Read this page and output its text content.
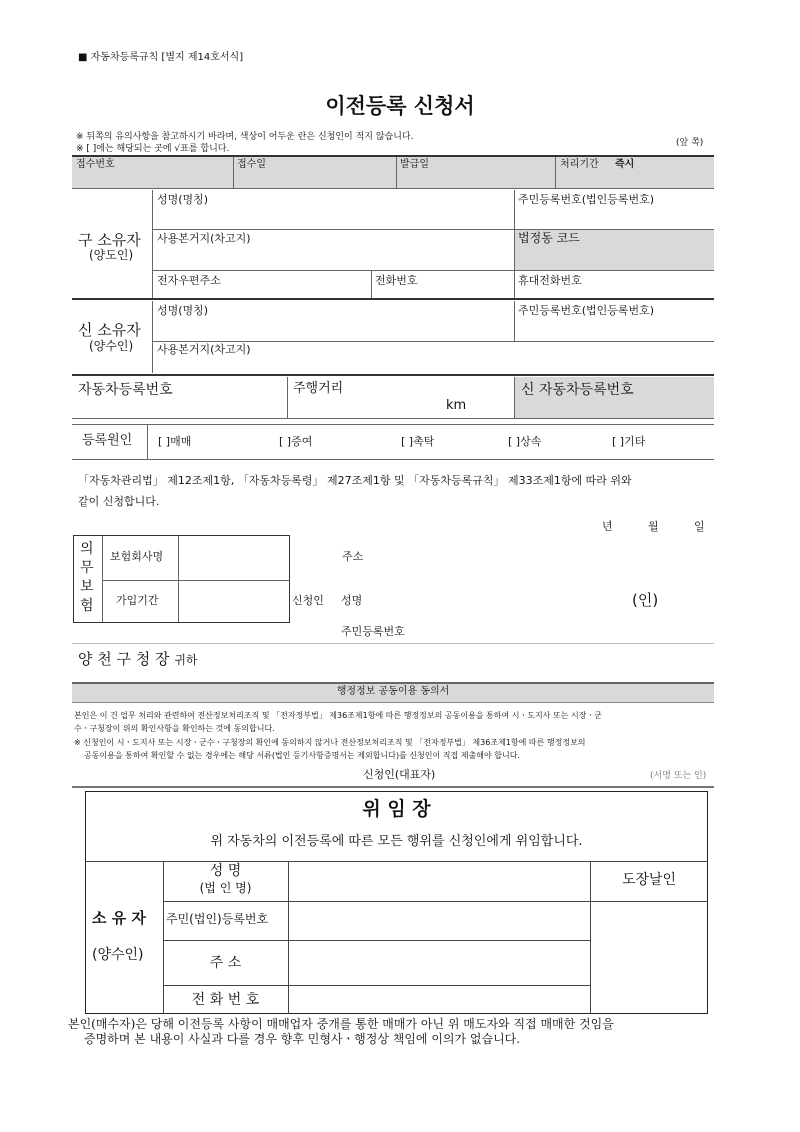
■ 자동차등록규칙 [별지 제14호서식]
이전등록 신청서
※ 뒤쪽의 유의사항을 참고하시기 바라며, 색상이 어두운 란은 신청인이 적지 않습니다.
※ [ ]에는 해당되는 곳에 √표를 합니다.
(앞 쪽)
접수번호	접수일	발급일	처리기간 즉시
구 소유자
(양도인)
성명(명칭)	주민등록번호(법인등록번호)
사용본거지(차고지)	법정동 코드
전자우편주소	전화번호	휴대전화번호
신 소유자
(양수인)
성명(명칭)	주민등록번호(법인등록번호)
사용본거지(차고지)
자동차등록번호	주행거리
km
신 자동차등록번호
등록원인 [ ]매매	[ ]증여	[ ]촉탁	[ ]상속	[ ]기타
「자동차관리법」 제12조제1항, 「자동차등록령」 제27조제1항 및 「자동차등록규칙」 제33조제1항에 따라 위와
같이 신청합니다.
년	월	일
의
무
보
험
보험회사명
가입기간
주소
신청인 성명	(인)
주민등록번호
양 천 구 청 장 귀하
행정정보 공동이용 동의서
본인은 이 건 업무 처리와 관련하여 전산정보처리조직 및 「전자정부법」 제36조제1항에 따른 행정정보의 공동이용을 통하여 시ㆍ도지사 또는 시장ㆍ군
수ㆍ구청장이 위의 확인사항을 확인하는 것에 동의합니다.
※ 신청인이 시ㆍ도지사 또는 시장ㆍ군수ㆍ구청장의 확인에 동의하지 않거나 전산정보처리조직 및 「전자정부법」 제36조제1항에 따른 행정정보의
공동이용을 통하여 확인할 수 없는 경우에는 해당 서류(법인 등기사항증명서는 제외합니다)를 신청인이 직접 제출해야 합니다.
신청인(대표자)	(서명 또는 인)
위 임 장
위 자동차의 이전등록에 따른 모든 행위를 신청인에게 위임합니다.
소 유 자
(양수인)
성 명
(법 인 명)
주민(법인)등록번호
주 소
전 화 번 호
도장날인
본인(매수자)은 당해 이전등록 사항이 매매업자 중개를 통한 매매가 아닌 위 매도자와 직접 매매한 것임을
증명하며 본 내용이 사실과 다를 경우 향후 민형사ㆍ행정상 책임에 이의가 없습니다.
